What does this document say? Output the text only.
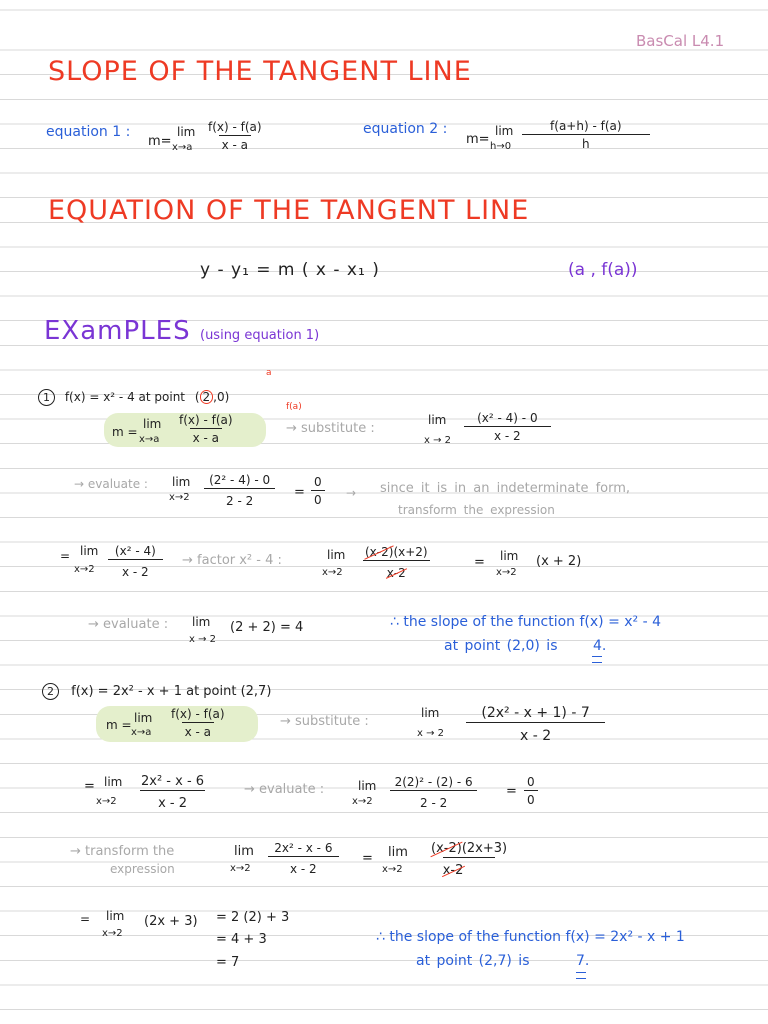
BasCal L4.1
SLOPE OF THE TANGENT LINE
equation 1 :
m=
lim
$x\to a \frac{f(x) - f(a)}{x - a}$	equation 2 :
m=
lim
$h\to 0 \frac{f(a+h) - f(a)}{h}$
EQUATION OF THE TANGENT LINE
y - y₁ = m ( x - x₁ )	(a , f(a))
EXamPLES (using equation 1)
1 f(x) = x² - 4 at point ( 2 ,0)
a
f(a)
m =
lim
$x\to a \frac{f(x) - f(a)}{x - a}$	→ substitute :
lim
$x \to 2 \frac{\text{(x² - 4) - 0}}{x - 2}$
→ evaluate : lim
$x\to 2 \frac{\text{(2² - 4) - 0}}{2 - 2} = \frac{0}{0}$ → since it is in an indeterminate form,
transform the expression
= lim
$x\to 2 \frac{\text{(x² - 4)}}{x - 2}$ → factor x² - 4 :	lim
$x\to 2 \frac{(x-2)(x+2)}{x-2}$	= lim
x→2
(x + 2)
→ evaluate : lim
x → 2
(2 + 2) = 4	∴ the slope of the function f(x) = x² - 4
at point (2,0) is	4.
2 f(x) = 2x² - x + 1 at point (2,7)
m = lim
$x\to a \frac{f(x) - f(a)}{x - a}$	→ substitute :
lim
$x \to 2 \frac{\text{(2x² - x + 1) - 7}}{x - 2}$
= lim
$x\to 2 \frac{\text{2x² - x - 6}}{x - 2}$	→ evaluate :	lim
$x\to 2 \frac{\text{2(2)² - (2) - 6}}{2 - 2} = \frac{0}{0}$
→ transform the
expression
lim
$x\to 2 \frac{\text{2x² - x - 6}}{x - 2} = \lim$
$x\to 2 \frac{(x-2)(2x+3)}{x-2}$
= lim
x→2
(2x + 3) = 2 (2) + 3
= 4 + 3
= 7
∴ the slope of the function f(x) = 2x² - x + 1
at point (2,7) is	7.
